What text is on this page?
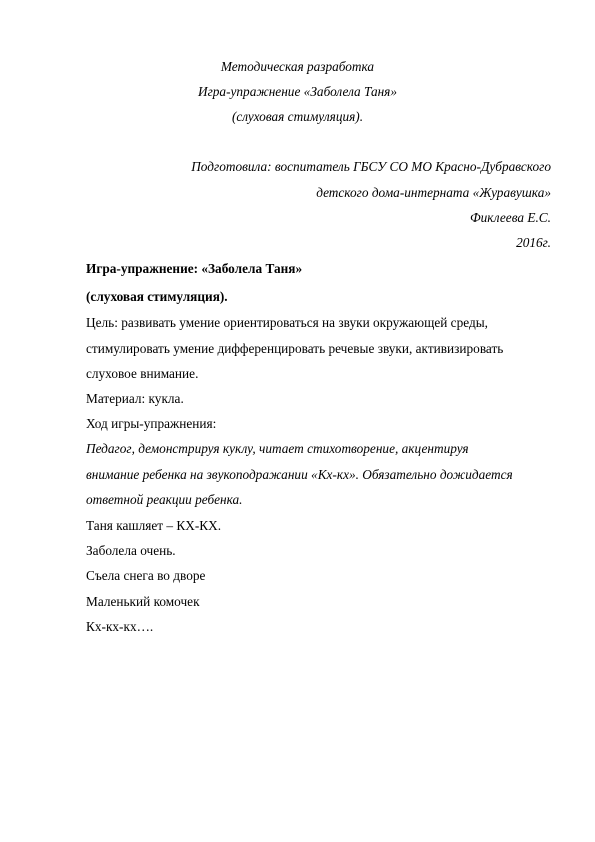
Методическая разработка
Игра-упражнение «Заболела Таня»
(слуховая стимуляция).
Подготовила: воспитатель ГБСУ СО МО Красно-Дубравского
детского дома-интерната «Журавушка»
Фиклеева Е.С.
2016г.
Игра-упражнение: «Заболела Таня»
(слуховая стимуляция).
Цель: развивать умение ориентироваться на звуки окружающей среды,
стимулировать умение дифференцировать речевые звуки, активизировать
слуховое внимание.
Материал: кукла.
Ход игры-упражнения:
Педагог, демонстрируя куклу, читает стихотворение, акцентируя
внимание ребенка на звукоподражании «Кх-кх». Обязательно дожидается
ответной реакции ребенка.
Таня кашляет – КХ-КХ.
Заболела очень.
Съела снега во дворе
Маленький комочек
Кх-кх-кх….
